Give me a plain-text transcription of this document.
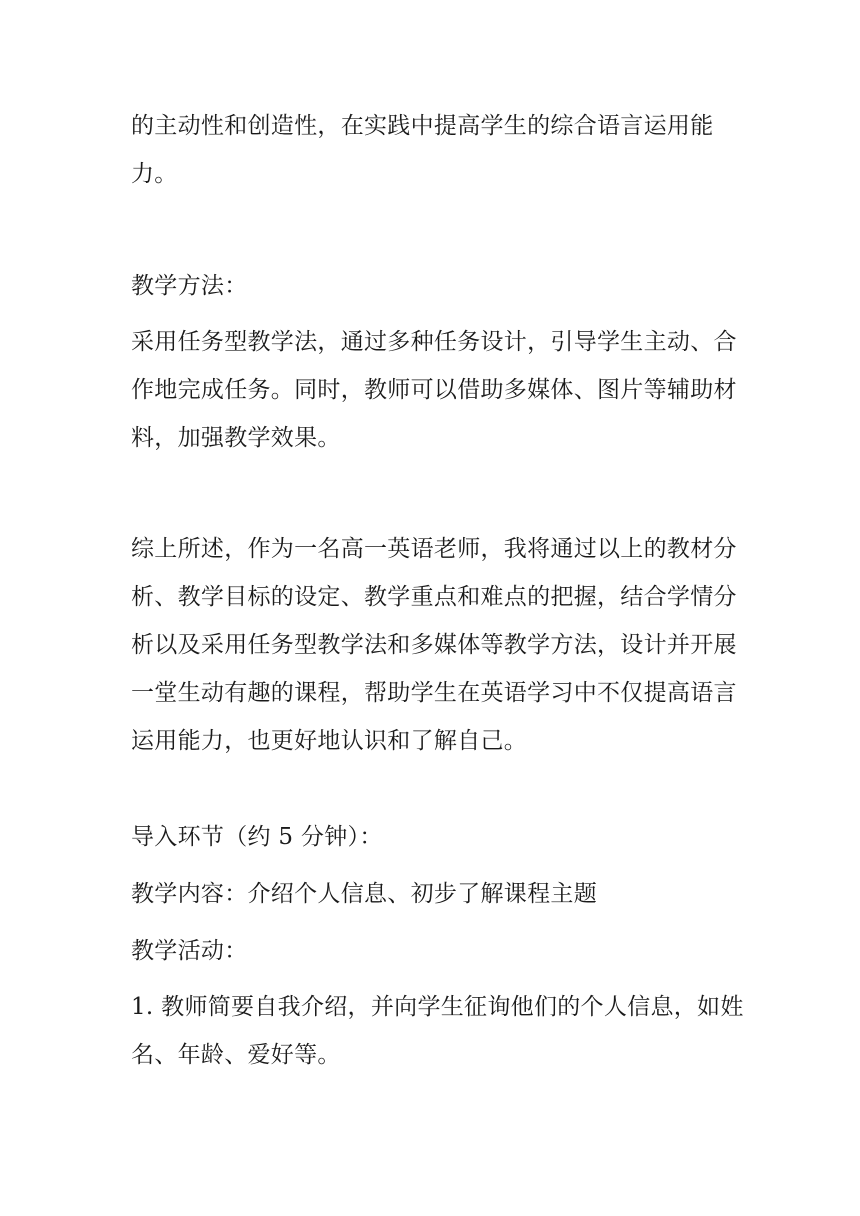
的主动性和创造性，在实践中提高学生的综合语言运用能
力。
教学方法：
采用任务型教学法，通过多种任务设计，引导学生主动、合
作地完成任务。同时，教师可以借助多媒体、图片等辅助材
料，加强教学效果。
综上所述，作为一名高一英语老师，我将通过以上的教材分
析、教学目标的设定、教学重点和难点的把握，结合学情分
析以及采用任务型教学法和多媒体等教学方法，设计并开展
一堂生动有趣的课程，帮助学生在英语学习中不仅提高语言
运用能力，也更好地认识和了解自己。
导入环节（约 5 分钟）：
教学内容：介绍个人信息、初步了解课程主题
教学活动：
1. 教师简要自我介绍，并向学生征询他们的个人信息，如姓
名、年龄、爱好等。
